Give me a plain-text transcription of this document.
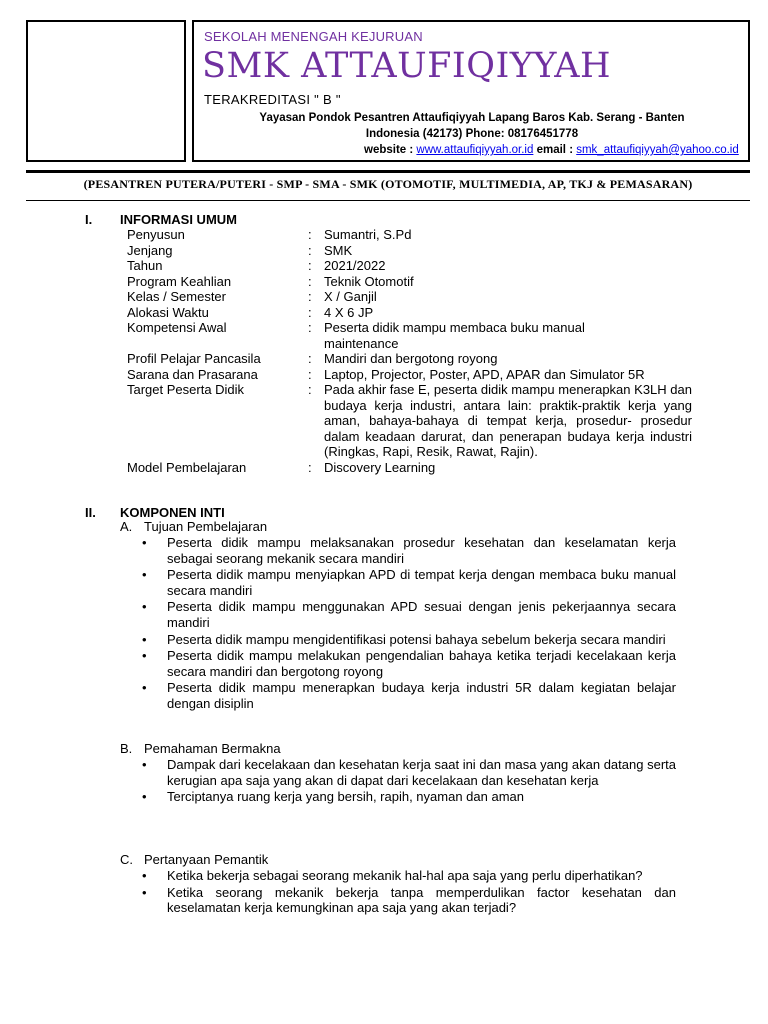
SEKOLAH MENENGAH KEJURUAN
SMK ATTAUFIQIYYAH
TERAKREDITASI " B "
Yayasan Pondok Pesantren Attaufiqiyyah Lapang Baros Kab. Serang - Banten
Indonesia (42173) Phone: 08176451778
website : www.attaufiqiyyah.or.id email : smk_attaufiqiyyah@yahoo.co.id
(PESANTREN PUTERA/PUTERI - SMP - SMA - SMK (OTOMOTIF, MULTIMEDIA, AP, TKJ & PEMASARAN)
I. INFORMASI UMUM
Penyusun	: Sumantri, S.Pd
Jenjang	: SMK
Tahun	: 2021/2022
Program Keahlian	: Teknik Otomotif
Kelas / Semester	: X / Ganjil
Alokasi Waktu	: 4 X 6 JP
Kompetensi Awal	: Peserta didik mampu membaca buku manual maintenance
Profil Pelajar Pancasila	: Mandiri dan bergotong royong
Sarana dan Prasarana	: Laptop, Projector, Poster, APD, APAR dan Simulator 5R
Target Peserta Didik	: Pada akhir fase E, peserta didik mampu menerapkan K3LH dan budaya kerja industri, antara lain: praktik-praktik kerja yang aman, bahaya-bahaya di tempat kerja, prosedur- prosedur dalam keadaan darurat, dan penerapan budaya kerja industri (Ringkas, Rapi, Resik, Rawat, Rajin).
Model Pembelajaran	: Discovery Learning
II. KOMPONEN INTI
A. Tujuan Pembelajaran
• Peserta didik mampu melaksanakan prosedur kesehatan dan keselamatan kerja sebagai seorang mekanik secara mandiri
• Peserta didik mampu menyiapkan APD di tempat kerja dengan membaca buku manual secara mandiri
• Peserta didik mampu menggunakan APD sesuai dengan jenis pekerjaannya secara mandiri
• Peserta didik mampu mengidentifikasi potensi bahaya sebelum bekerja secara mandiri
• Peserta didik mampu melakukan pengendalian bahaya ketika terjadi kecelakaan kerja secara mandiri dan bergotong royong
• Peserta didik mampu menerapkan budaya kerja industri 5R dalam kegiatan belajar dengan disiplin
B. Pemahaman Bermakna
• Dampak dari kecelakaan dan kesehatan kerja saat ini dan masa yang akan datang serta kerugian apa saja yang akan di dapat dari kecelakaan dan kesehatan kerja
• Terciptanya ruang kerja yang bersih, rapih, nyaman dan aman
C. Pertanyaan Pemantik
• Ketika bekerja sebagai seorang mekanik hal-hal apa saja yang perlu diperhatikan?
• Ketika seorang mekanik bekerja tanpa memperdulikan factor kesehatan dan keselamatan kerja kemungkinan apa saja yang akan terjadi?
